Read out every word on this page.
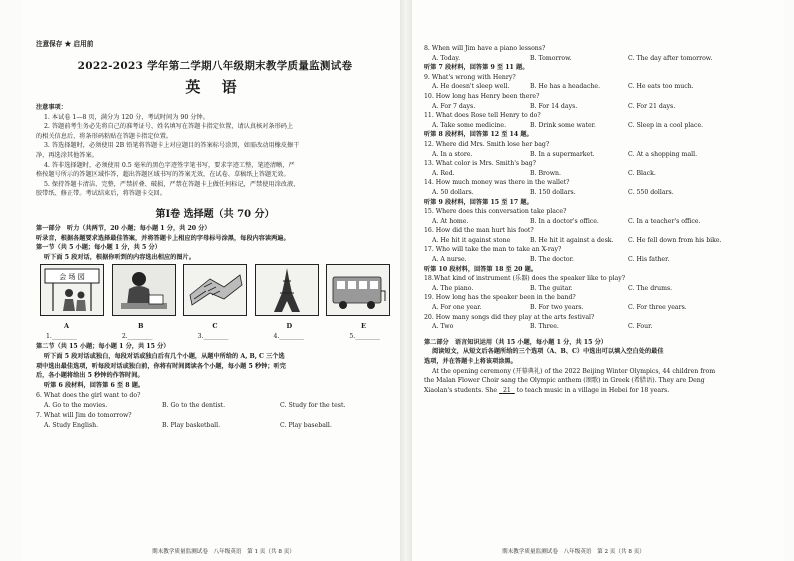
注意保存 ★ 启用前
2022-2023 学年第二学期八年级期末教学质量监测试卷
英 语
注意事项：
1. 本试卷 1—8 页，满分为 120 分，考试时间为 90 分钟。
2. 答题前考生务必先将自己的准考证号、姓名填写在答题卡指定位置，请认真核对条形码上
的相关信息后，将条形码粘贴在答题卡指定位置。
3. 答选择题时，必须使用 2B 铅笔将答题卡上对应题目的答案标号涂黑，如需改动用橡皮擦干
净，再选涂其他答案。
4. 答非选择题时，必须使用 0.5 毫米的黑色字迹签字笔书写，要求字迹工整，笔迹清晰，严
格按题号所示的答题区域作答，超出答题区域书写的答案无效，在试卷、草稿纸上答题无效。
5. 保持答题卡清洁、完整，严禁折叠、破损，严禁在答题卡上做任何标记，严禁使用涂改液、
胶带纸、修正带。考试结束后，将答题卡交回。
第Ⅰ卷 选择题（共 70 分）
第一部分　听力（共两节，20 小题；每小题 1 分，共 20 分）
听录音，根据各题要求选择最佳答案，并将答题卡上相应的字母标号涂黑，每段内容读两遍。
第一节（共 5 小题；每小题 1 分，共 5 分）
听下面 5 段对话，根据你听到的内容选出相应的图片。
会 场 园
A	B	C	D	E
1.________	2.________	3.________	4.________	5.________
第二节（共 15 小题；每小题 1 分，共 15 分）
听下面 5 段对话或独白，每段对话或独白后有几个小题，从题中所给的 A, B, C 三个选
项中选出最佳选项，听每段对话或独白前，你将有时间阅读各个小题，每小题 5 秒钟；听完
后，各小题将给出 5 秒钟的作答时间。
听第 6 段材料，回答第 6 至 8 题。
6. What does the girl want to do?
A. Go to the movies.	B. Go to the dentist.	C. Study for the test.
7. What will Jim do tomorrow?
A. Study English.	B. Play basketball.	C. Play baseball.
期末教学质量监测试卷　八年级英语　第 1 页（共 8 页）
8. When will Jim have a piano lessons?
A. Today.	B. Tomorrow.	C. The day after tomorrow.
听第 7 段材料，回答第 9 至 11 题。
9. What's wrong with Henry?
A. He doesn't sleep well.	B. He has a headache.	C. He eats too much.
10. How long has Henry been there?
A. For 7 days.	B. For 14 days.	C. For 21 days.
11. What does Rose tell Henry to do?
A. Take some medicine.	B. Drink some water.	C. Sleep in a cool place.
听第 8 段材料，回答第 12 至 14 题。
12. Where did Mrs. Smith lose her bag?
A. In a store.	B. In a supermarket.	C. At a shopping mall.
13. What color is Mrs. Smith's bag?
A. Red.	B. Brown.	C. Black.
14. How much money was there in the wallet?
A. 50 dollars.	B. 150 dollars.	C. 550 dollars.
听第 9 段材料，回答第 15 至 17 题。
15. Where does this conversation take place?
A. At home.	B. In a doctor's office.	C. In a teacher's office.
16. How did the man hurt his foot?
A. He hit it against stone	B. He hit it against a desk.	C. He fell down from his bike.
17. Who will take the man to take an X-ray?
A. A nurse.	B. The doctor.	C. His father.
听第 10 段材料，回答第 18 至 20 题。
18.What kind of instrument (乐器) does the speaker like to play?
A. The piano.	B. The guitar.	C. The drums.
19. How long has the speaker been in the band?
A. For one year.	B. For two years.	C. For three years.
20. How many songs did they play at the arts festival?
A. Two	B. Three.	C. Four.
第二部分　语言知识运用（共 15 小题，每小题 1 分，共 15 分）
阅读短文，从短文后各题所给的三个选项（A、B、C）中选出可以填入空白处的最佳
选项，并在答题卡上将该项涂黑。
At the opening ceremony (开幕典礼) of the 2022 Beijing Winter Olympics, 44 children from
the Malan Flower Choir sang the Olympic anthem (颂歌) in Greek (希腊语). They are Deng
Xiaolan's students. She 21 to teach music in a village in Hebei for 18 years.
期末教学质量监测试卷　八年级英语　第 2 页（共 8 页）
